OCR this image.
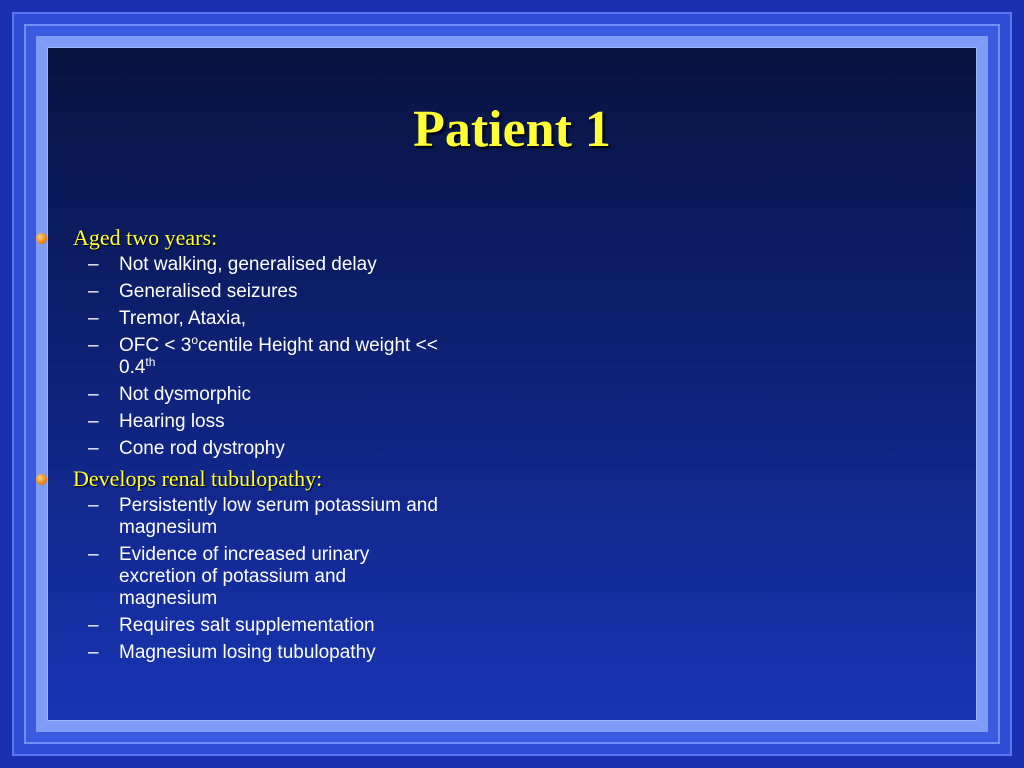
Patient 1
Aged two years:
–	Not walking, generalised delay
–	Generalised seizures
–	Tremor, Ataxia,
–	OFC < $3^ocentile$ Height and weight << 0.4th
–	Not dysmorphic
–	Hearing loss
–	Cone rod dystrophy
Develops renal tubulopathy:
–	Persistently low serum potassium and magnesium
–	Evidence of increased urinary excretion of potassium and magnesium
–	Requires salt supplementation
–	Magnesium losing tubulopathy
